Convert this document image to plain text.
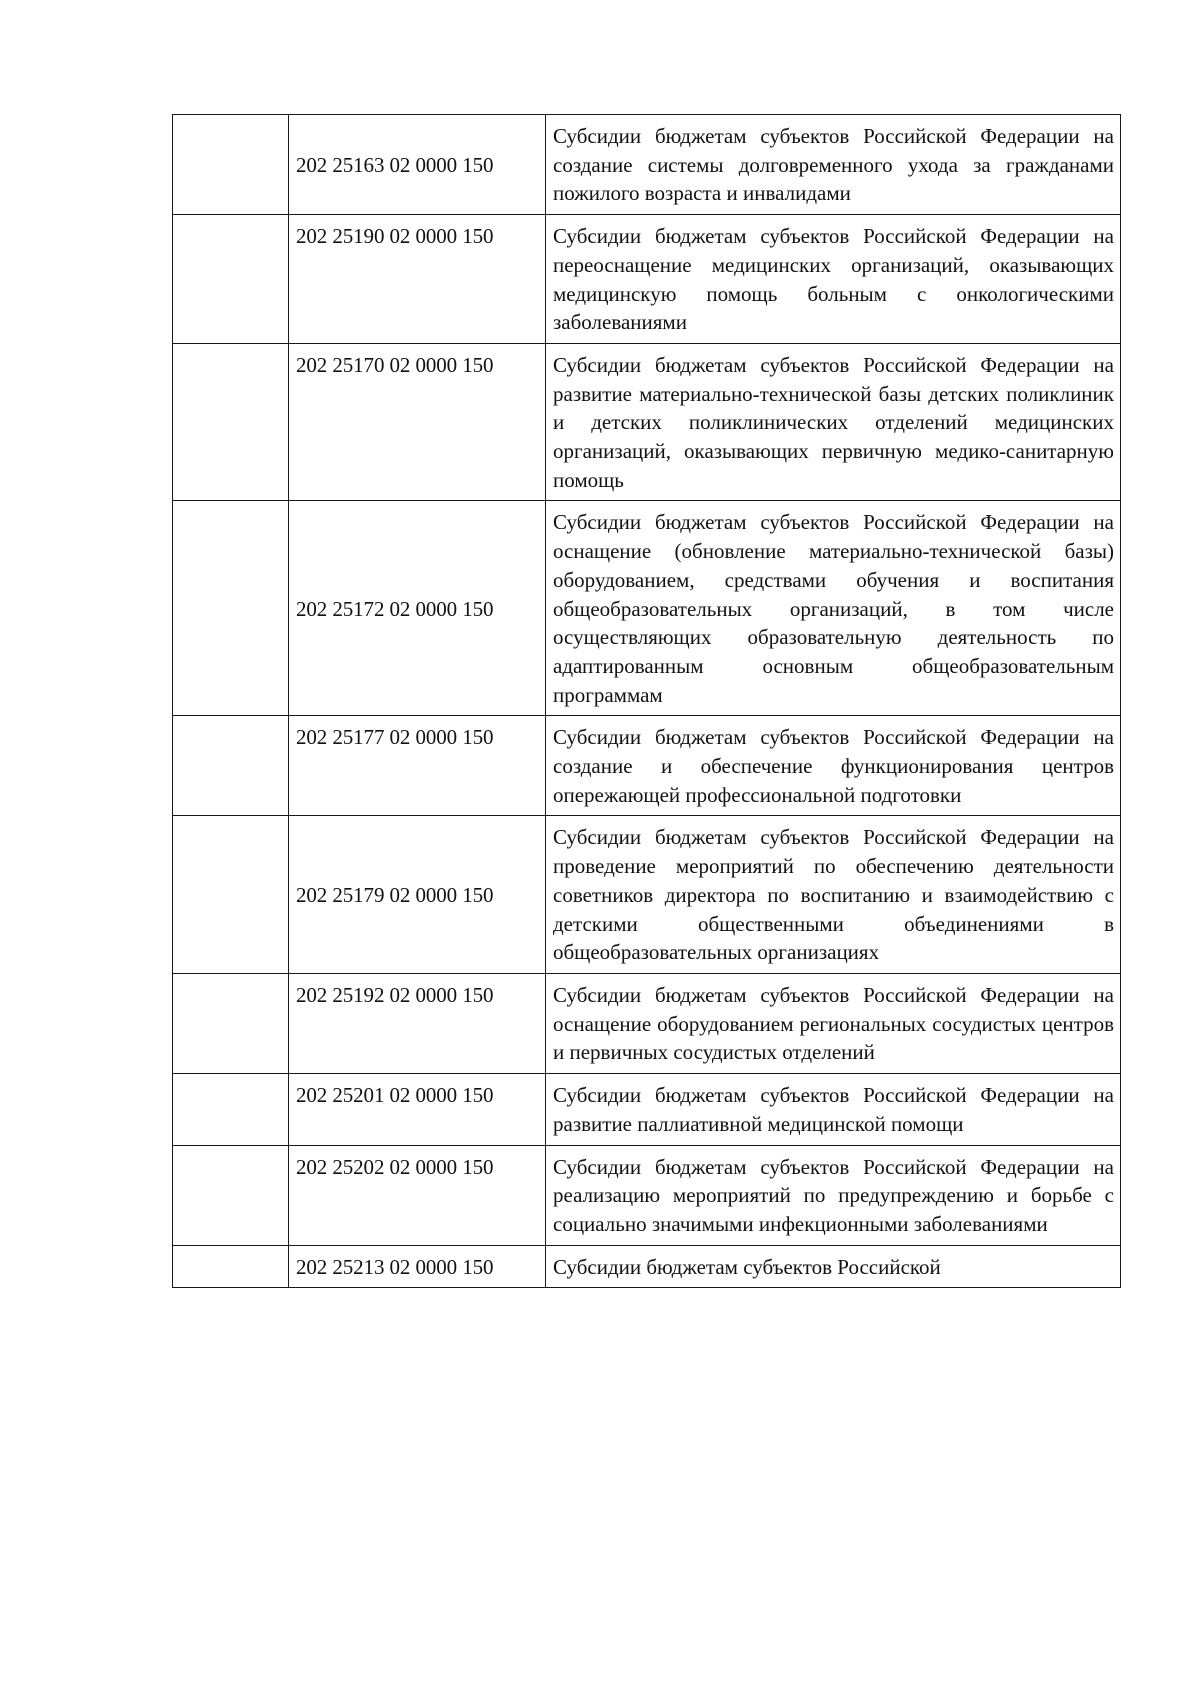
	202 25163 02 0000 150	Субсидии бюджетам субъектов Российской Федерации на создание системы долговременного ухода за гражданами пожилого возраста и инвалидами
	202 25190 02 0000 150	Субсидии бюджетам субъектов Российской Федерации на переоснащение медицинских организаций, оказывающих медицинскую помощь больным с онкологическими заболеваниями
	202 25170 02 0000 150	Субсидии бюджетам субъектов Российской Федерации на развитие материально-технической базы детских поликлиник и детских поликлинических отделений медицинских организаций, оказывающих первичную медико-санитарную помощь
	202 25172 02 0000 150	Субсидии бюджетам субъектов Российской Федерации на оснащение (обновление материально-технической базы) оборудованием, средствами обучения и воспитания общеобразовательных организаций, в том числе осуществляющих образовательную деятельность по адаптированным основным общеобразовательным программам
	202 25177 02 0000 150	Субсидии бюджетам субъектов Российской Федерации на создание и обеспечение функционирования центров опережающей профессиональной подготовки
	202 25179 02 0000 150	Субсидии бюджетам субъектов Российской Федерации на проведение мероприятий по обеспечению деятельности советников директора по воспитанию и взаимодействию с детскими общественными объединениями в общеобразовательных организациях
	202 25192 02 0000 150	Субсидии бюджетам субъектов Российской Федерации на оснащение оборудованием региональных сосудистых центров и первичных сосудистых отделений
	202 25201 02 0000 150	Субсидии бюджетам субъектов Российской Федерации на развитие паллиативной медицинской помощи
	202 25202 02 0000 150	Субсидии бюджетам субъектов Российской Федерации на реализацию мероприятий по предупреждению и борьбе с социально значимыми инфекционными заболеваниями
	202 25213 02 0000 150	Субсидии бюджетам субъектов Российской
